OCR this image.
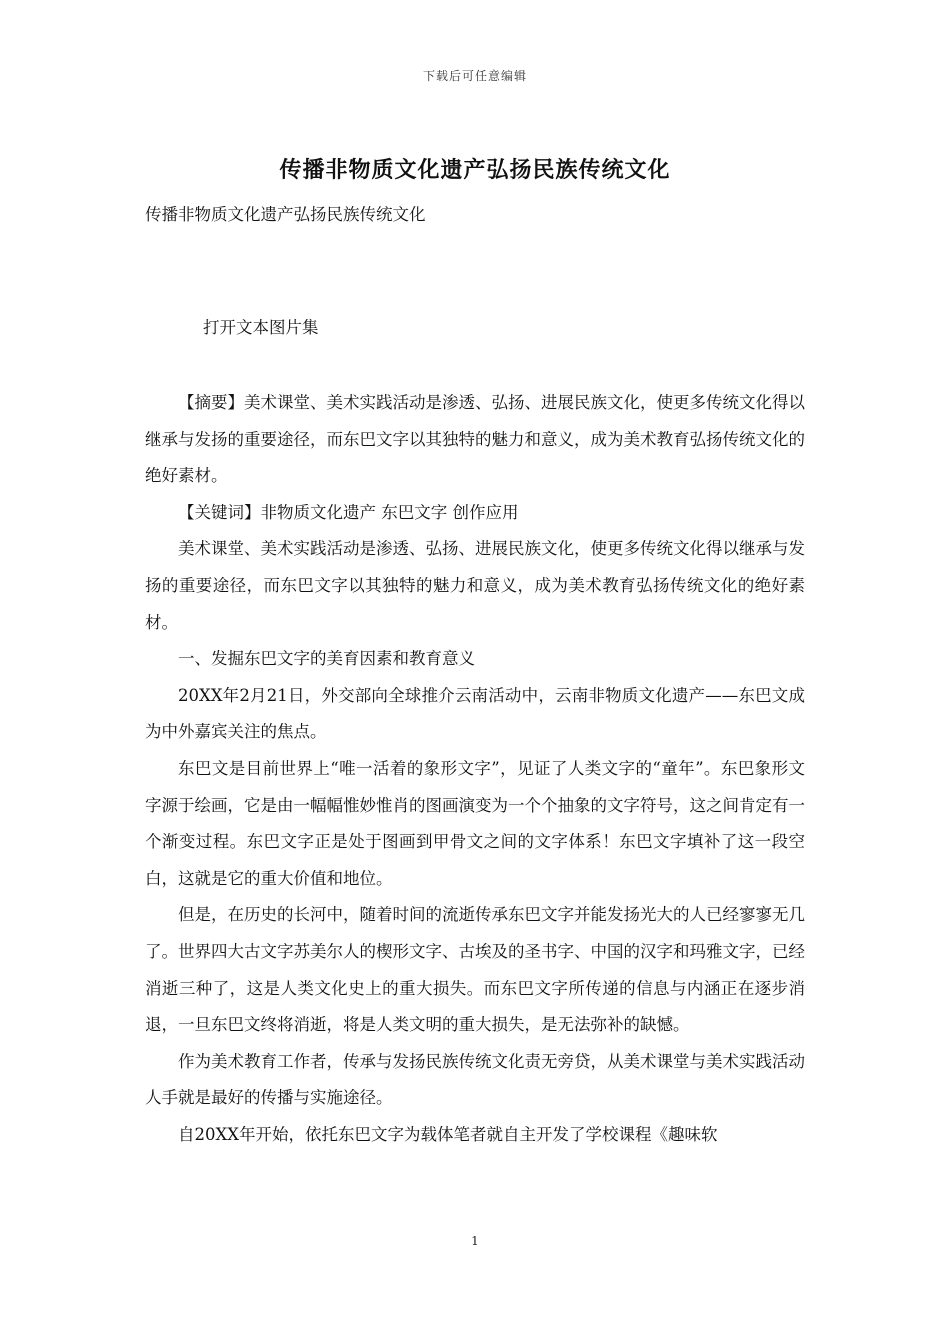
下载后可任意编辑
传播非物质文化遗产弘扬民族传统文化
传播非物质文化遗产弘扬民族传统文化
打开文本图片集

【摘要】美术课堂、美术实践活动是渗透、弘扬、进展民族文化，使更多传统文化得以继承与发扬的重要途径，而东巴文字以其独特的魅力和意义，成为美术教育弘扬传统文化的绝好素材。

【关键词】非物质文化遗产 东巴文字 创作应用

美术课堂、美术实践活动是渗透、弘扬、进展民族文化，使更多传统文化得以继承与发扬的重要途径，而东巴文字以其独特的魅力和意义，成为美术教育弘扬传统文化的绝好素材。

一、发掘东巴文字的美育因素和教育意义

20XX年2月21日，外交部向全球推介云南活动中，云南非物质文化遗产——东巴文成为中外嘉宾关注的焦点。

东巴文是目前世界上“唯一活着的象形文字”，见证了人类文字的“童年”。东巴象形文字源于绘画，它是由一幅幅惟妙惟肖的图画演变为一个个抽象的文字符号，这之间肯定有一个渐变过程。东巴文字正是处于图画到甲骨文之间的文字体系！东巴文字填补了这一段空白，这就是它的重大价值和地位。

但是，在历史的长河中，随着时间的流逝传承东巴文字并能发扬光大的人已经寥寥无几了。世界四大古文字苏美尔人的楔形文字、古埃及的圣书字、中国的汉字和玛雅文字，已经消逝三种了，这是人类文化史上的重大损失。而东巴文字所传递的信息与内涵正在逐步消退，一旦东巴文终将消逝，将是人类文明的重大损失，是无法弥补的缺憾。

作为美术教育工作者，传承与发扬民族传统文化责无旁贷，从美术课堂与美术实践活动人手就是最好的传播与实施途径。

自20XX年开始，依托东巴文字为载体笔者就自主开发了学校课程《趣味软

1
